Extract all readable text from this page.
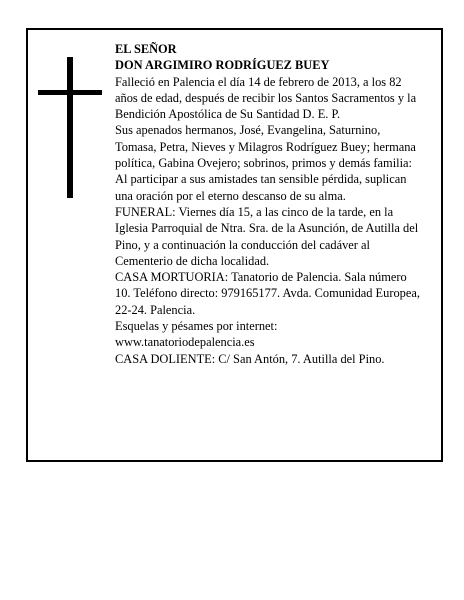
EL SEÑOR

DON ARGIMIRO RODRÍGUEZ BUEY

Falleció en Palencia el día 14 de febrero de 2013, a los 82 años de edad, después de recibir los Santos Sacramentos y la Bendición Apostólica de Su Santidad D. E. P.

Sus apenados hermanos, José, Evangelina, Saturnino, Tomasa, Petra, Nieves y Milagros Rodríguez Buey; hermana política, Gabina Ovejero; sobrinos, primos y demás familia:

Al participar a sus amistades tan sensible pérdida, suplican una oración por el eterno descanso de su alma.

FUNERAL: Viernes día 15, a las cinco de la tarde, en la Iglesia Parroquial de Ntra. Sra. de la Asunción, de Autilla del Pino, y a continuación la conducción del cadáver al Cementerio de dicha localidad.

CASA MORTUORIA: Tanatorio de Palencia. Sala número 10. Teléfono directo: 979165177. Avda. Comunidad Europea, 22-24. Palencia.

Esquelas y pésames por internet:

www.tanatoriodepalencia.es

CASA DOLIENTE: C/ San Antón, 7. Autilla del Pino.
